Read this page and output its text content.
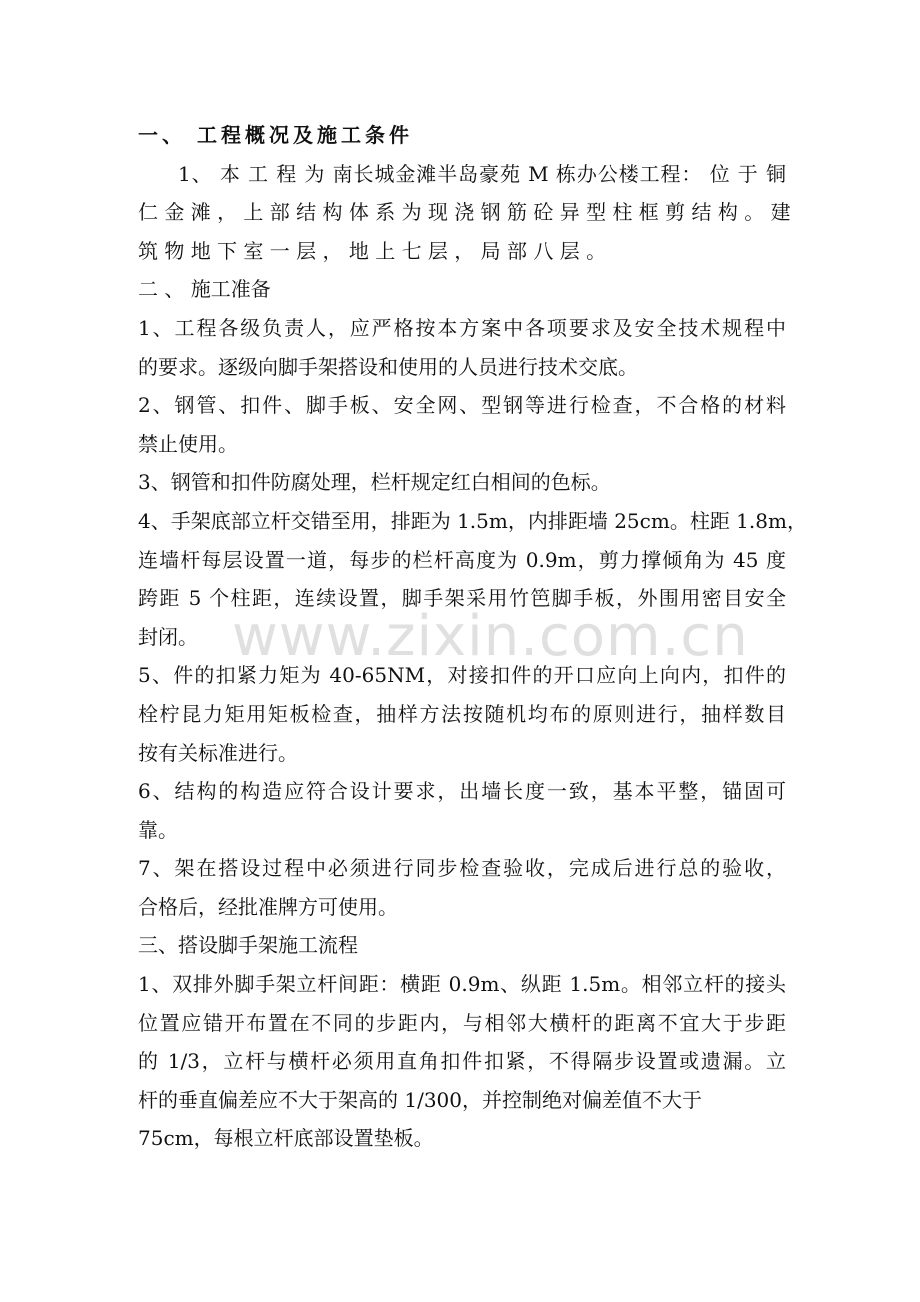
一、 工程概况及施工条件
1、 本 工 程 为 南长城金滩半岛豪苑 M 栋办公楼工程： 位 于 铜
仁 金 滩 ， 上 部 结 构 体 系 为 现 浇 钢 筋 砼 异 型 柱 框 剪 结 构 。 建
筑 物 地 下 室 一 层 ， 地 上 七 层 ， 局 部 八 层 。
二 、 施工准备
1、工程各级负责人，应严格按本方案中各项要求及安全技术规程中
的要求。逐级向脚手架搭设和使用的人员进行技术交底。
2、钢管、扣件、脚手板、安全网、型钢等进行检查，不合格的材料
禁止使用。
3、钢管和扣件防腐处理，栏杆规定红白相间的色标。
4、手架底部立杆交错至用，排距为 1.5m，内排距墙 25cm。柱距 1.8m，
连墙杆每层设置一道，每步的栏杆高度为 0.9m，剪力撑倾角为 45 度
跨距 5 个柱距，连续设置，脚手架采用竹笆脚手板，外围用密目安全
封闭。
5、件的扣紧力矩为 40-65NM，对接扣件的开口应向上向内，扣件的
栓柠昆力矩用矩板检查，抽样方法按随机均布的原则进行，抽样数目
按有关标准进行。
6、结构的构造应符合设计要求，出墙长度一致，基本平整，锚固可
靠。
7、架在搭设过程中必须进行同步检查验收，完成后进行总的验收，
合格后，经批准牌方可使用。
三、搭设脚手架施工流程
1、双排外脚手架立杆间距：横距 0.9m、纵距 1.5m。相邻立杆的接头
位置应错开布置在不同的步距内，与相邻大横杆的距离不宜大于步距
的 1/3，立杆与横杆必须用直角扣件扣紧，不得隔步设置或遗漏。立
杆的垂直偏差应不大于架高的 1/300，并控制绝对偏差值不大于
75cm，每根立杆底部设置垫板。
www.zixin.com.cn
